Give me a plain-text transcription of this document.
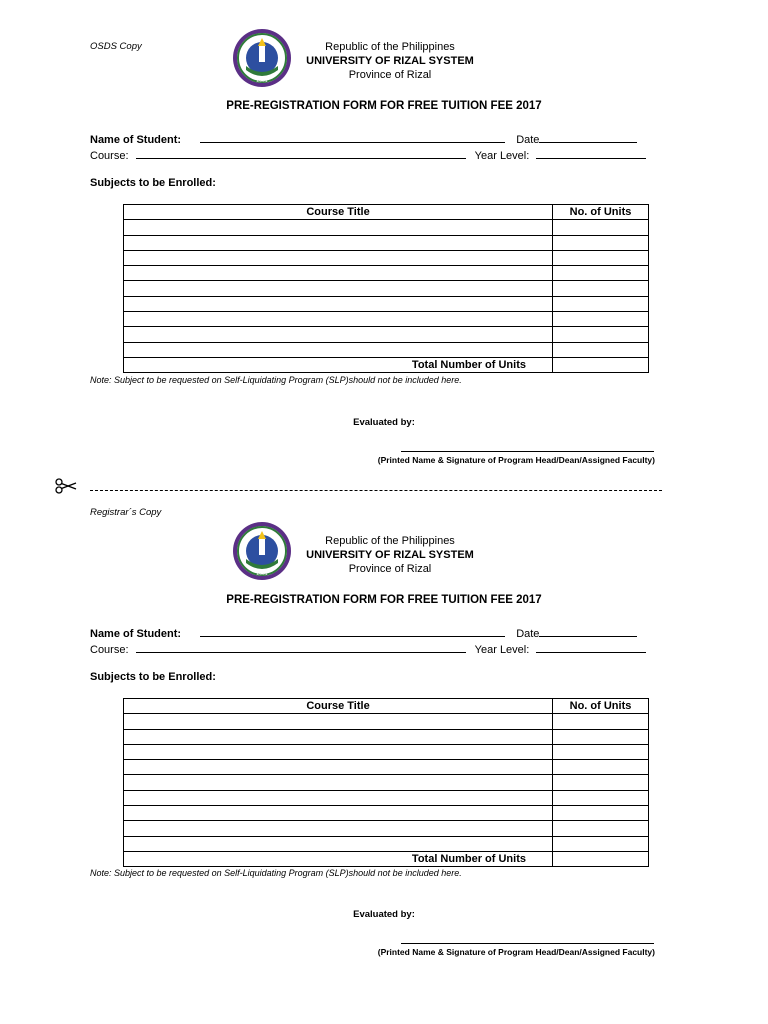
OSDS Copy
2001
Republic of the Philippines
UNIVERSITY OF RIZAL SYSTEM
Province of Rizal
PRE-REGISTRATION FORM FOR FREE TUITION FEE 2017
Name of Student:	Date
Course:	Year Level:
Subjects to be Enrolled:
Course Title	No. of Units

Total Number of Units	
Note: Subject to be requested on Self-Liquidating Program (SLP)should not be included here.
Evaluated by:
(Printed Name & Signature of Program Head/Dean/Assigned Faculty)
Registrar´s Copy
2001
Republic of the Philippines
UNIVERSITY OF RIZAL SYSTEM
Province of Rizal
PRE-REGISTRATION FORM FOR FREE TUITION FEE 2017
Name of Student:	Date
Course:	Year Level:
Subjects to be Enrolled:
Course Title	No. of Units

Total Number of Units	
Note: Subject to be requested on Self-Liquidating Program (SLP)should not be included here.
Evaluated by:
(Printed Name & Signature of Program Head/Dean/Assigned Faculty)
